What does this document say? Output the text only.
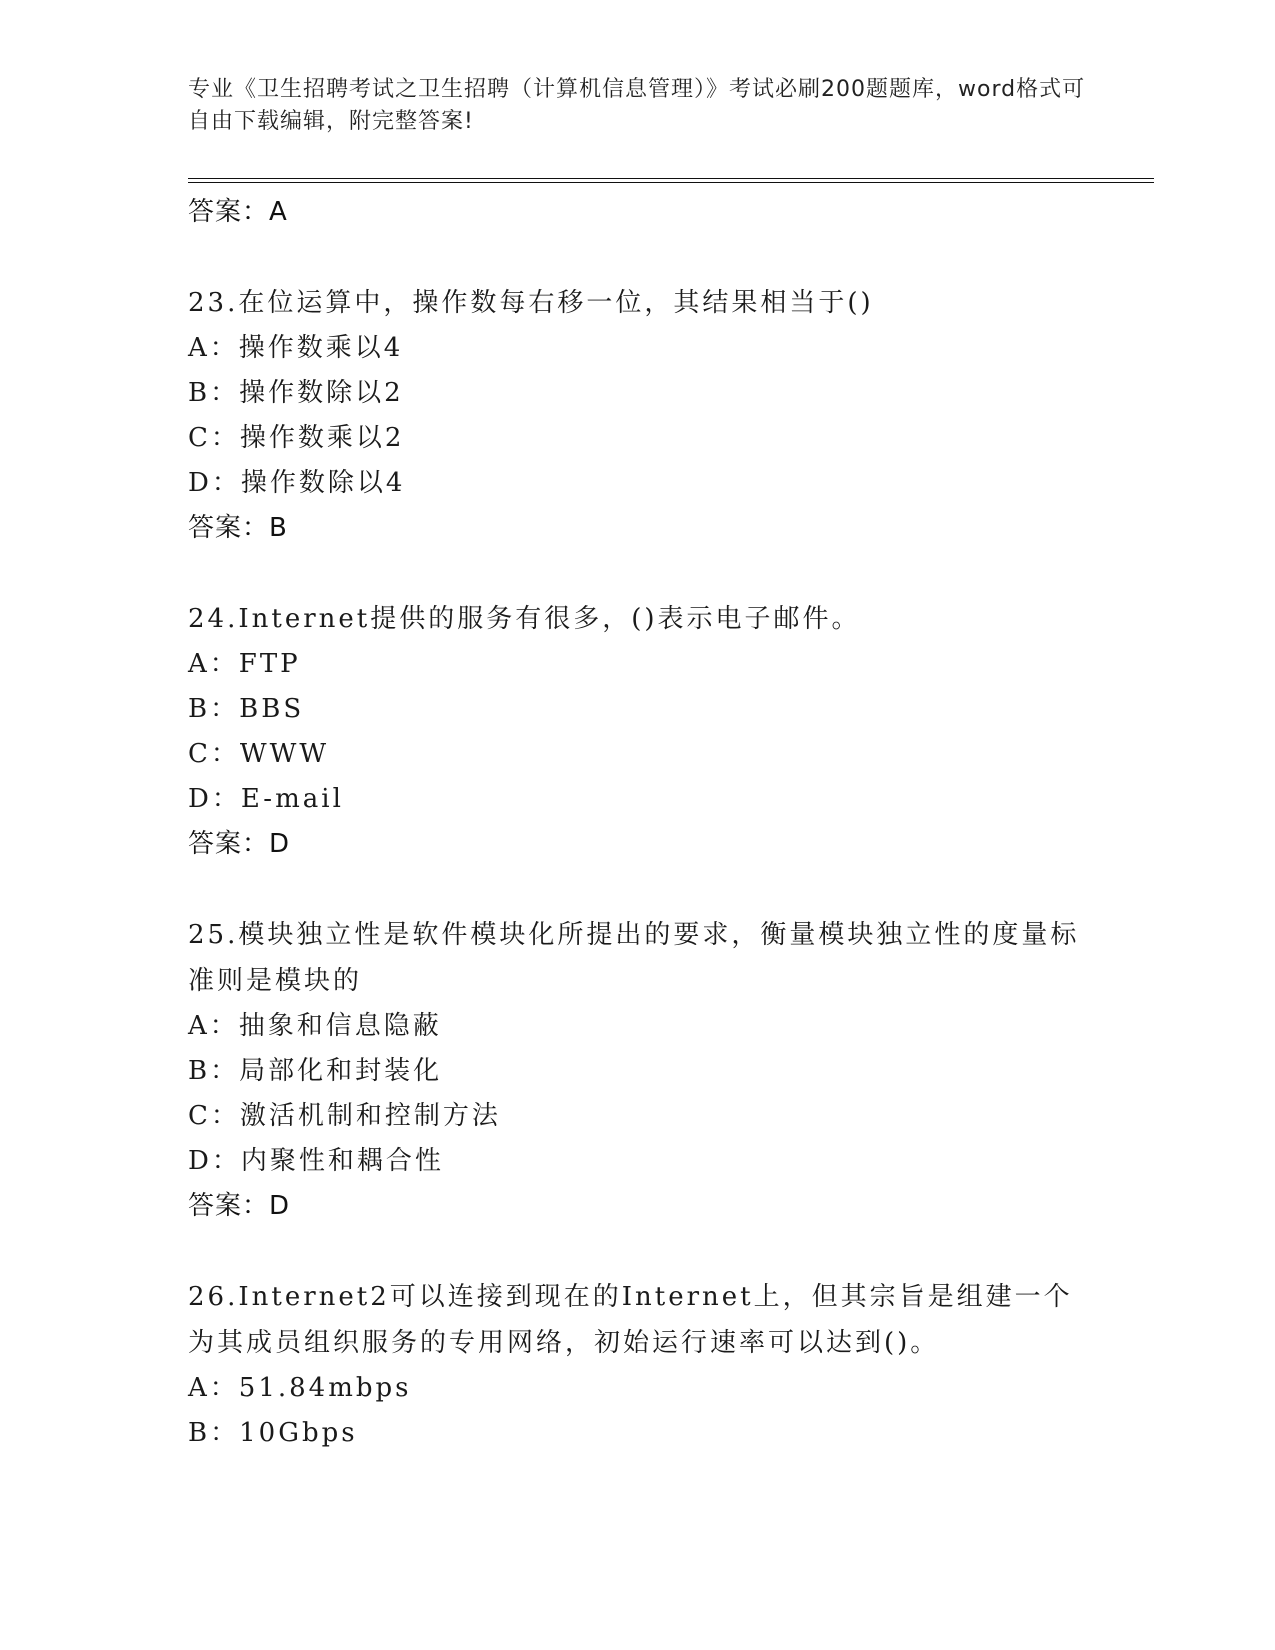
专业《卫生招聘考试之卫生招聘（计算机信息管理）》考试必刷200题题库，word格式可自由下载编辑，附完整答案!
答案：A
23.在位运算中，操作数每右移一位，其结果相当于()
A：操作数乘以4
B：操作数除以2
C：操作数乘以2
D：操作数除以4
答案：B
24.Internet提供的服务有很多，()表示电子邮件。
A：FTP
B：BBS
C：WWW
D：E-mail
答案：D
25.模块独立性是软件模块化所提出的要求，衡量模块独立性的度量标准则是模块的
A：抽象和信息隐蔽
B：局部化和封装化
C：激活机制和控制方法
D：内聚性和耦合性
答案：D
26.Internet2可以连接到现在的Internet上，但其宗旨是组建一个为其成员组织服务的专用网络，初始运行速率可以达到()。
A：51.84mbps
B：10Gbps
